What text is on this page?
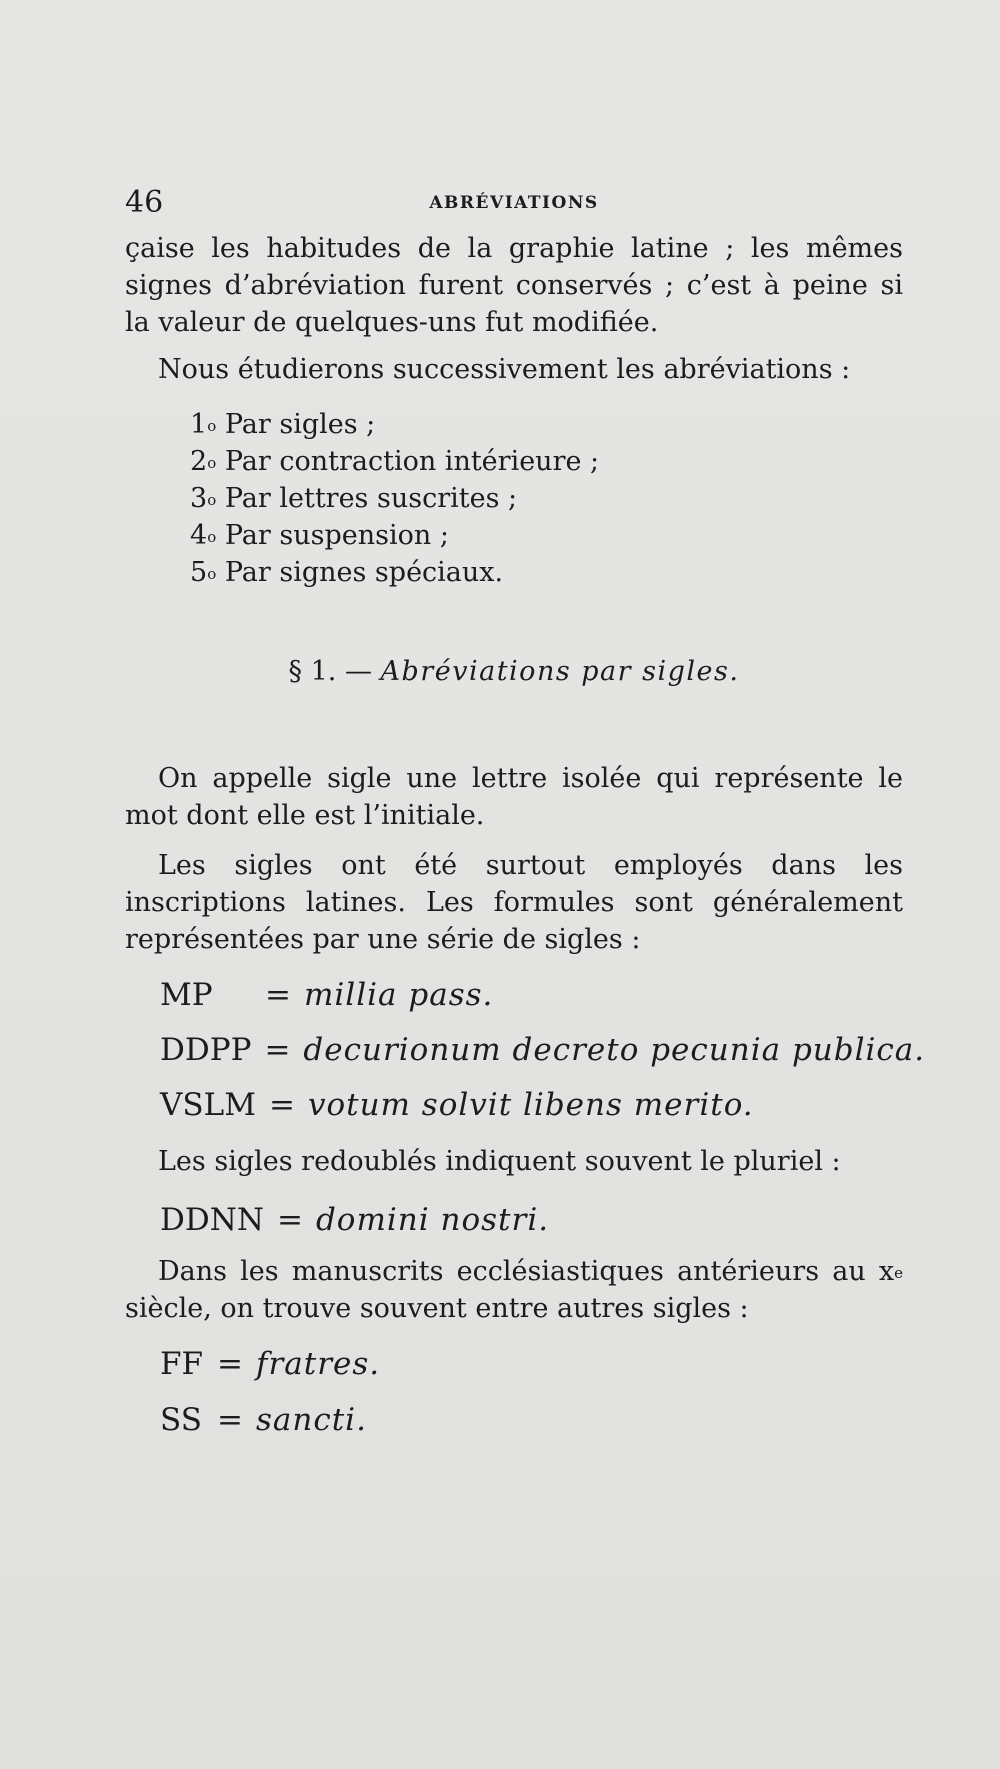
46	ABRÉVIATIONS
çaise les habitudes de la graphie latine ; les mêmes signes d’abréviation furent conservés ; c’est à peine si la valeur de quelques-uns fut modifiée.
Nous étudierons successivement les abréviations :
1$^o$ Par sigles ;
2$^o$ Par contraction intérieure ;
3$^o$ Par lettres suscrites ;
4$^o$ Par suspension ;
5$^o$ Par signes spéciaux.
§ 1. — Abréviations par sigles.
On appelle sigle une lettre isolée qui représente le mot dont elle est l’initiale.
Les sigles ont été surtout employés dans les inscriptions latines. Les formules sont généralement représentées par une série de sigles :
MP = millia pass.
DDPP = decurionum decreto pecunia publica.
VSLM = votum solvit libens merito.
Les sigles redoublés indiquent souvent le pluriel :
DDNN = domini nostri.
Dans les manuscrits ecclésiastiques antérieurs au $x^e$ siècle, on trouve souvent entre autres sigles :
FF = fratres.
SS = sancti.
